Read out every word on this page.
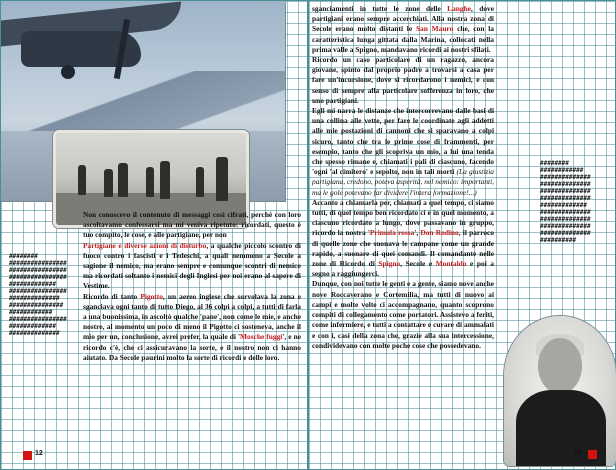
########
################
################
################
#############
################
##############
###############
############
################
#############
##############

Non conoscevo il contenuto di messaggi così cifrati, perché con loro ascoltavamo confessarsi ma mi veniva ripetuto: ricordati, questo è tuo compito, le cose, e alle partigiane, per non

Partigiane e diverse azioni di disturbo, a qualche piccolo scontro di fuoco contro i fascisti e i Tedeschi, a quali nemmeno a Secole a sagione il nemico, ma erano sempre e comunque scontri di nemico ma ricordati soltanto i nemici degli Inglesi per noi erano al sapere di Vestime.

Ricordo di tanto Pigotto, un aereo inglese che sorvolava la zona e sganciava ogni tanto di tutto Diego, al 36 colpi a colpi, a tutti di farla a una buonissima, in ascoltò qualche 'pane', non come le mie, e anche nostre, al momento un poco di meno il Pigotto ci sosteneva, anche il mio per un, conclusione, avrei prefer, la quale di 'Mosche fuggi', e ne ricordo c'è, che ci assicuravano la sorte, e il nostro non ci hanno aiutato. Da Secole paurini molto la sorte di ricordi e delle loro.

12

sganciamenti in tutte le zone delle Langhe, dove partigiani erano sempre accerchiati. Alla nostra zona di Secole erano molto distanti le San Mauro che, con la caratteristica lunga gittata dalla Marina, collocati nella prima valle a Spigno, mandavano ricordi ai nostri sfilati.

Ricordo un caso particolare di un ragazzo, ancora giovane, spinto dal proprio padre a trovarsi a casa per fare un'incursione, dove si ricordarono i nemici, e con senso di sempre alla particolare sofferenza in loro, che uno partigiani.

Egli mi narra le distanze che intercorrevano dalle basi di una collina alle vette, per fare le coordinate agli addetti alle mie postazioni di cannoni che si sparavano a colpi sicuro, tanto che tra le prime cose di frammenti, per esempio, tanto che gli scopriva un mio, a lui una tenda che spesso rimane e, chiamati i pali di ciascuno, facendo 'ogni 'al cimitero' e sepolto, non in tali morti (La giustizia partigiana, credono, poteva asperità, nel nemico: importanti, ma le gole potevano far dividere l'intera formazione!...)

Accanto a chiamarla per, chiamati a quel tempo, ci siamo tutti, di quel tempo ben ricordato ci e in quel momento, a ciascuno ricordato a lungo, dove passavano in gruppo, ricordo la nostra 'Primula rossa', Don Rodino, il parroco di quelle zone che suonava le campane come un grande rapido, a suonare di quei comandi. Il comandante nelle zone di Ricordo di Spigno, Secole e Montaldo e poi a segno a raggiungerci.

Dunque, con noi tutte le genti e a gente, siamo nove anche nove Roccaverano e Cortemilia, ma tutti di nuovo ai campi e molte volte ci accompagnano, quanto scoprono compiti di collegamento come portatori. Assistevo a feriti, come infermiere, e tutti a contattare e curare di ammalati e con i, casi della zona che, grazie alla sua intercessione, condividevano con molte poche cose che possedevano.

########
############
##############
##############
##############
##############
#############
##############
##############
##############
##############
##########
13
